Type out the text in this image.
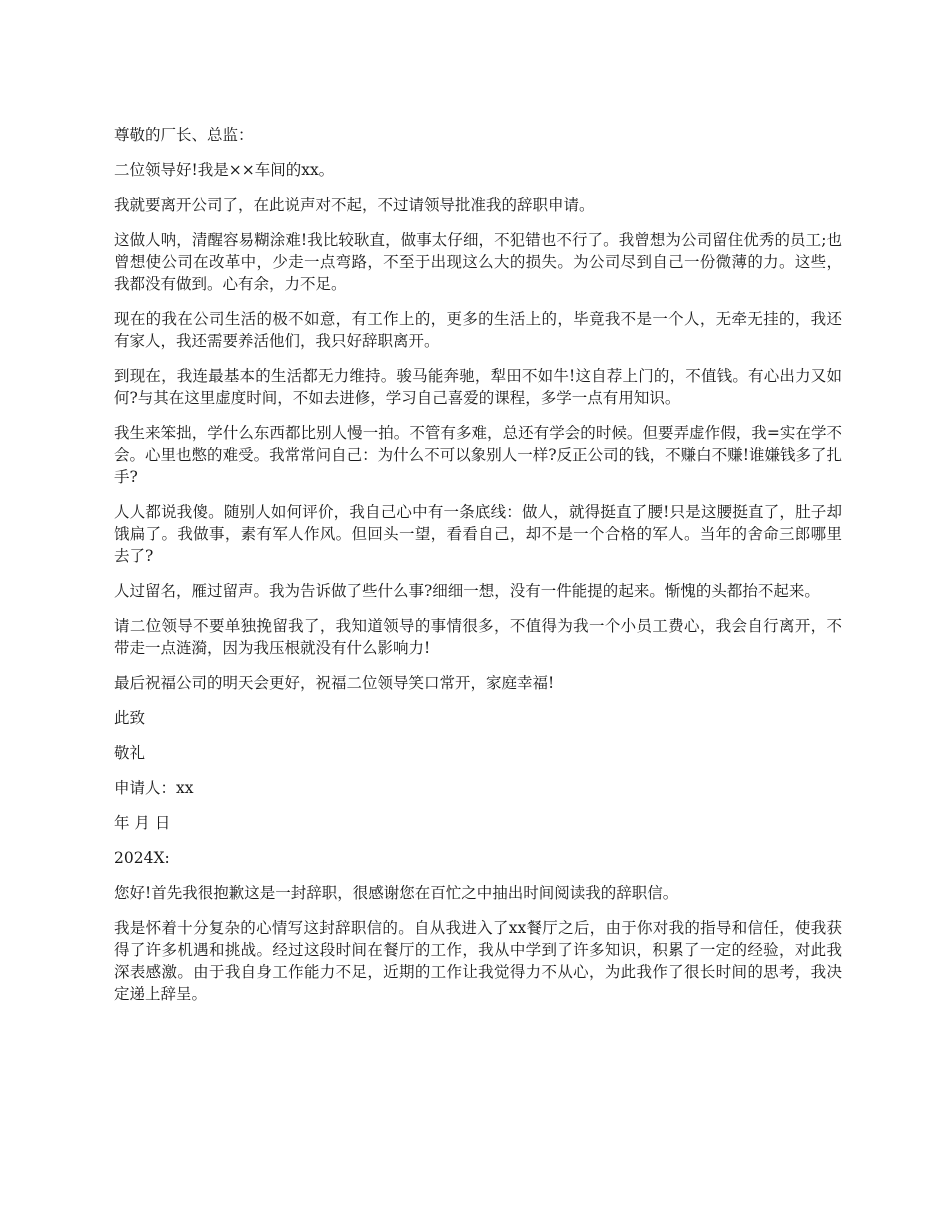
尊敬的厂长、总监：

二位领导好!我是××车间的xx。

我就要离开公司了，在此说声对不起，不过请领导批准我的辞职申请。

这做人呐，清醒容易糊涂难!我比较耿直，做事太仔细，不犯错也不行了。我曾想为公司留住优秀的员工;也曾想使公司在改革中，少走一点弯路，不至于出现这么大的损失。为公司尽到自己一份微薄的力。这些，我都没有做到。心有余，力不足。

现在的我在公司生活的极不如意，有工作上的，更多的生活上的，毕竟我不是一个人，无牵无挂的，我还有家人，我还需要养活他们，我只好辞职离开。

到现在，我连最基本的生活都无力维持。骏马能奔驰，犁田不如牛!这自荐上门的，不值钱。有心出力又如何?与其在这里虚度时间，不如去进修，学习自己喜爱的课程，多学一点有用知识。

我生来笨拙，学什么东西都比别人慢一拍。不管有多难，总还有学会的时候。但要弄虚作假，我=实在学不会。心里也憋的难受。我常常问自己：为什么不可以象别人一样?反正公司的钱，不赚白不赚!谁嫌钱多了扎手?

人人都说我傻。随别人如何评价，我自己心中有一条底线：做人，就得挺直了腰!只是这腰挺直了，肚子却饿扁了。我做事，素有军人作风。但回头一望，看看自己，却不是一个合格的军人。当年的舍命三郎哪里去了?

人过留名，雁过留声。我为告诉做了些什么事?细细一想，没有一件能提的起来。惭愧的头都抬不起来。

请二位领导不要单独挽留我了，我知道领导的事情很多，不值得为我一个小员工费心，我会自行离开，不带走一点涟漪，因为我压根就没有什么影响力!

最后祝福公司的明天会更好，祝福二位领导笑口常开，家庭幸福!

此致

敬礼

申请人：xx

年 月 日

2024X:

您好!首先我很抱歉这是一封辞职，很感谢您在百忙之中抽出时间阅读我的辞职信。

我是怀着十分复杂的心情写这封辞职信的。自从我进入了xx餐厅之后，由于你对我的指导和信任，使我获得了许多机遇和挑战。经过这段时间在餐厅的工作，我从中学到了许多知识，积累了一定的经验，对此我深表感激。由于我自身工作能力不足，近期的工作让我觉得力不从心，为此我作了很长时间的思考，我决定递上辞呈。
